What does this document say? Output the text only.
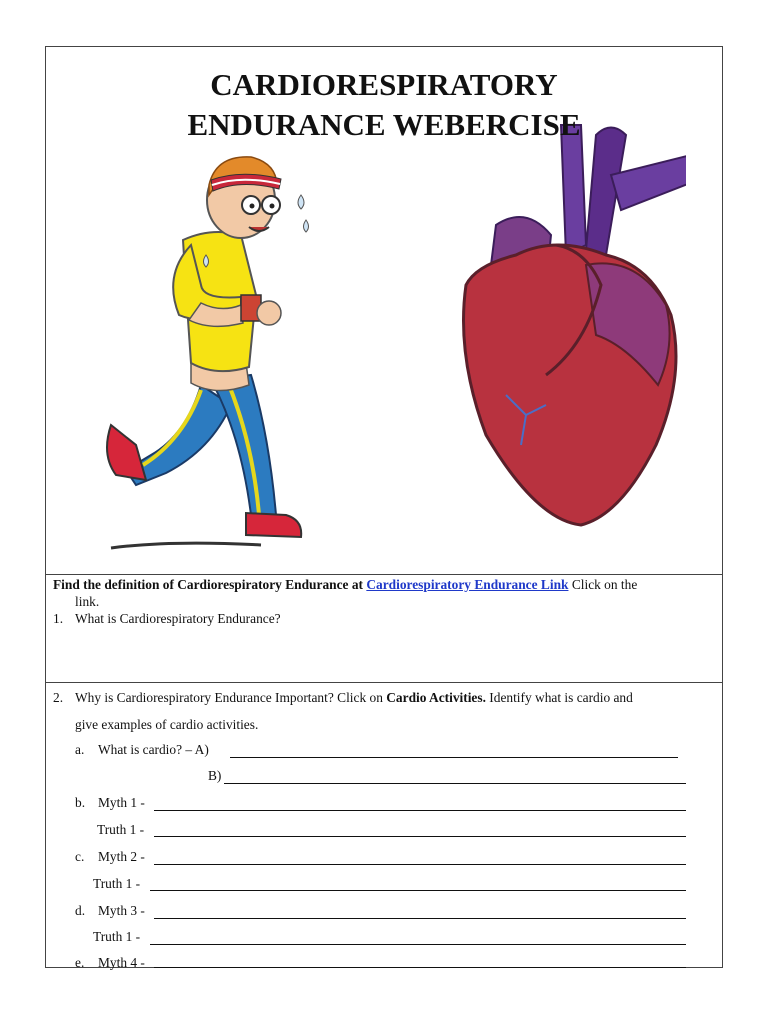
CARDIORESPIRATORY
ENDURANCE WEBERCISE
Find the definition of Cardiorespiratory Endurance at Cardiorespiratory Endurance Link Click on the
link.
1. What is Cardiorespiratory Endurance?
2. Why is Cardiorespiratory Endurance Important? Click on Cardio Activities. Identify what is cardio and
give examples of cardio activities.
a. What is cardio? – A)
B)
b. Myth 1 -
Truth 1 -
c. Myth 2 -
Truth 1 -
d. Myth 3 -
Truth 1 -
e. Myth 4 -
